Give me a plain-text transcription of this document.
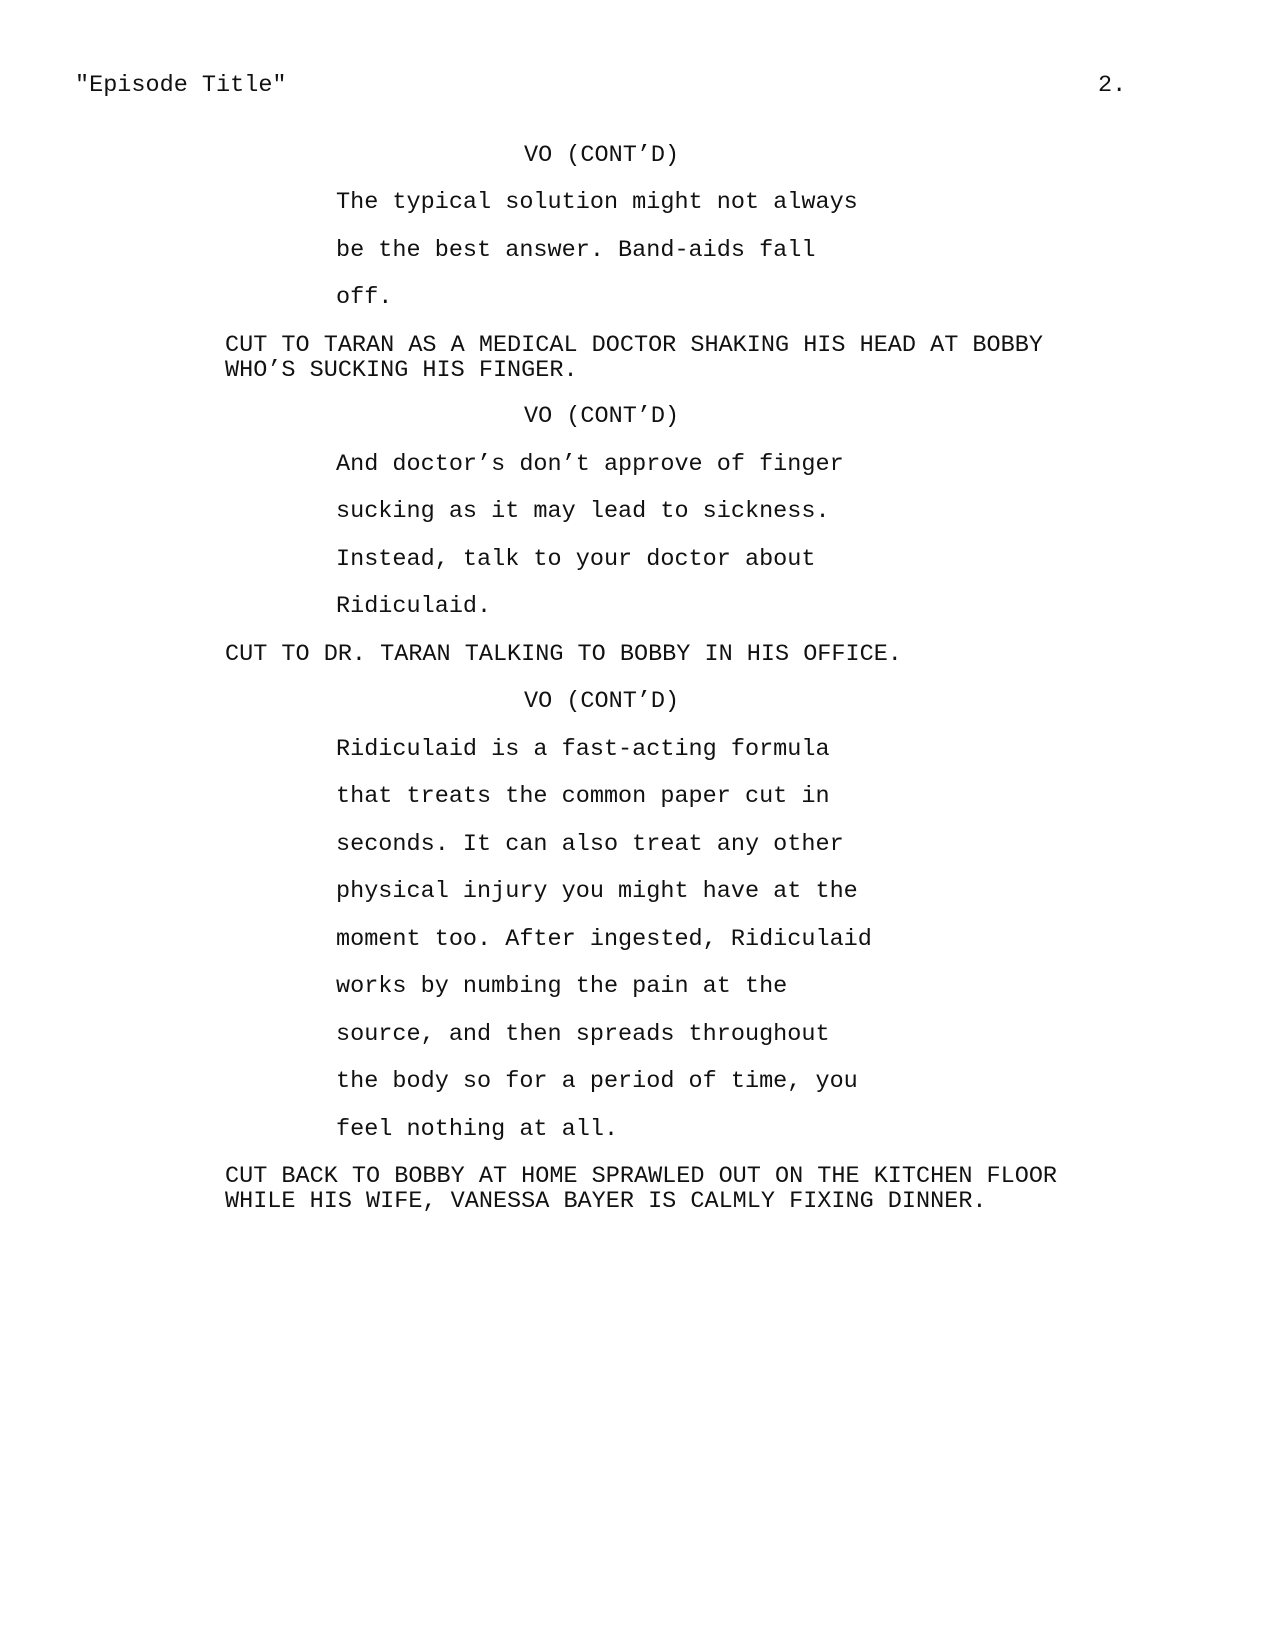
"Episode Title"	2.
VO (CONT’D)
The typical solution might not always
be the best answer. Band-aids fall
off.
CUT TO TARAN AS A MEDICAL DOCTOR SHAKING HIS HEAD AT BOBBY
WHO’S SUCKING HIS FINGER.
VO (CONT’D)
And doctor’s don’t approve of finger
sucking as it may lead to sickness.
Instead, talk to your doctor about
Ridiculaid.
CUT TO DR. TARAN TALKING TO BOBBY IN HIS OFFICE.
VO (CONT’D)
Ridiculaid is a fast-acting formula
that treats the common paper cut in
seconds. It can also treat any other
physical injury you might have at the
moment too. After ingested, Ridiculaid
works by numbing the pain at the
source, and then spreads throughout
the body so for a period of time, you
feel nothing at all.
CUT BACK TO BOBBY AT HOME SPRAWLED OUT ON THE KITCHEN FLOOR
WHILE HIS WIFE, VANESSA BAYER IS CALMLY FIXING DINNER.
